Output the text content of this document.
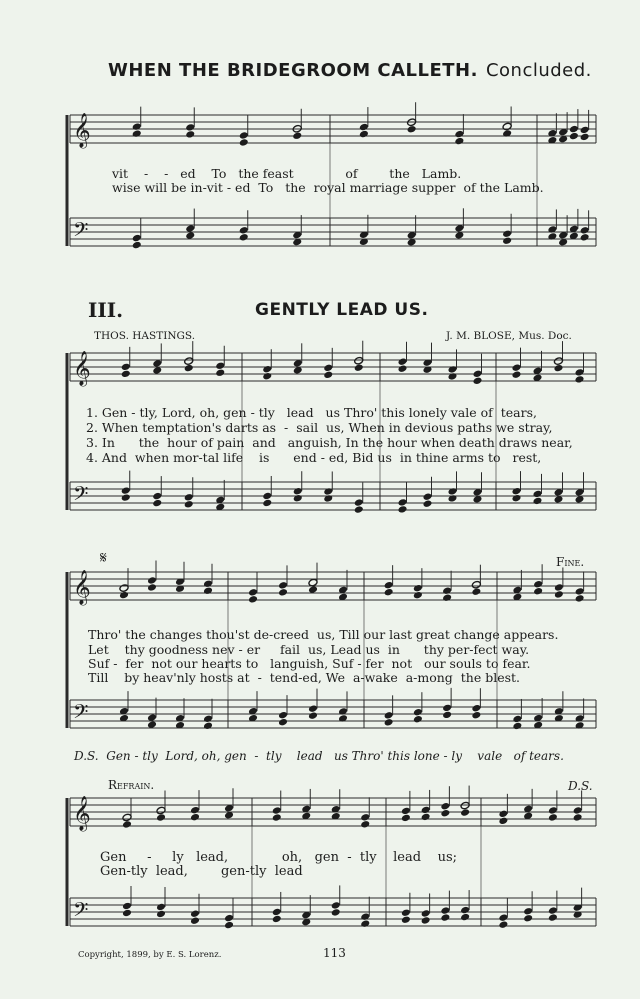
WHEN THE BRIDEGROOM CALLETH. Concluded.
𝄞
𝄢
𝄞
𝄢
𝄞
𝄢
𝄞
𝄢
vit    -    -   ed    To   the feast             of        the   Lamb.
wise will be in-vit - ed  To   the  royal marriage supper  of the Lamb.
III.	GENTLY LEAD US.
THOS. HASTINGS.	J. M. BLOSE, Mus. Doc.
1. Gen - tly, Lord, oh, gen - tly   lead   us Thro' this lonely vale of  tears,
2. When temptation's darts as  -  sail  us, When in devious paths we stray,
3. In      the  hour of pain  and   anguish, In the hour when death draws near,
4. And  when mor-tal life    is      end - ed, Bid us  in thine arms to   rest,
𝄋	Fine.
Thro' the changes thou'st de-creed  us, Till our last great change appears.
Let    thy goodness nev - er     fail  us, Lead us  in      thy per-fect way.
Suf -  fer  not our hearts to   languish, Suf - fer  not   our souls to fear.
Till    by heav'nly hosts at  -  tend-ed, We  a-wake  a-mong  the blest.
D.S.  Gen - tly  Lord, oh, gen  -  tly    lead   us Thro' this lone - ly    vale   of tears.
Refrain.	D.S.
Gen     -     ly   lead,             oh,   gen  -  tly    lead    us;
Gen-tly  lead,        gen-tly  lead
Copyright, 1899, by E. S. Lorenz.	113
